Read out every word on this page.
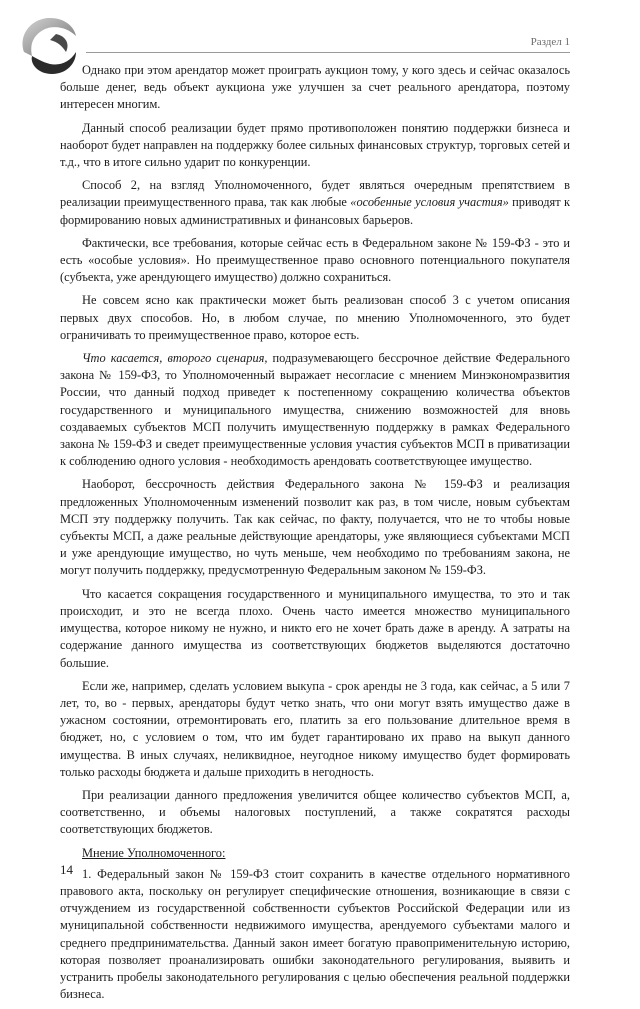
Раздел 1

Однако при этом арендатор может проиграть аукцион тому, у кого здесь и сейчас оказалось больше денег, ведь объект аукциона уже улучшен за счет реального арендатора, поэтому интересен многим.

Данный способ реализации будет прямо противоположен понятию поддержки бизнеса и наоборот будет направлен на поддержку более сильных финансовых структур, торговых сетей и т.д., что в итоге сильно ударит по конкуренции.

Способ 2, на взгляд Уполномоченного, будет являться очередным препятствием в реализации преимущественного права, так как любые «особенные условия участия» приводят к формированию новых административных и финансовых барьеров.

Фактически, все требования, которые сейчас есть в Федеральном законе № 159-ФЗ - это и есть «особые условия». Но преимущественное право основного потенциального покупателя (субъекта, уже арендующего имущество) должно сохраниться.

Не совсем ясно как практически может быть реализован способ 3 с учетом описания первых двух способов. Но, в любом случае, по мнению Уполномоченного, это будет ограничивать то преимущественное право, которое есть.

Что касается, второго сценария, подразумевающего бессрочное действие Федерального закона № 159-ФЗ, то Уполномоченный выражает несогласие с мнением Минэкономразвития России, что данный подход приведет к постепенному сокращению количества объектов государственного и муниципального имущества, снижению возможностей для вновь создаваемых субъектов МСП получить имущественную поддержку в рамках Федерального закона № 159-ФЗ и сведет преимущественные условия участия субъектов МСП в приватизации к соблюдению одного условия - необходимость арендовать соответствующее имущество.

Наоборот, бессрочность действия Федерального закона № 159-ФЗ и реализация предложенных Уполномоченным изменений позволит как раз, в том числе, новым субъектам МСП эту поддержку получить. Так как сейчас, по факту, получается, что не то чтобы новые субъекты МСП, а даже реальные действующие арендаторы, уже являющиеся субъектами МСП и уже арендующие имущество, но чуть меньше, чем необходимо по требованиям закона, не могут получить поддержку, предусмотренную Федеральным законом № 159-ФЗ.

Что касается сокращения государственного и муниципального имущества, то это и так происходит, и это не всегда плохо. Очень часто имеется множество муниципального имущества, которое никому не нужно, и никто его не хочет брать даже в аренду. А затраты на содержание данного имущества из соответствующих бюджетов выделяются достаточно большие.

Если же, например, сделать условием выкупа - срок аренды не 3 года, как сейчас, а 5 или 7 лет, то, во - первых, арендаторы будут четко знать, что они могут взять имущество даже в ужасном состоянии, отремонтировать его, платить за его пользование длительное время в бюджет, но, с условием о том, что им будет гарантировано их право на выкуп данного имущества. В иных случаях, неликвидное, неугодное никому имущество будет формировать только расходы бюджета и дальше приходить в негодность.

При реализации данного предложения увеличится общее количество субъектов МСП, а, соответственно, и объемы налоговых поступлений, а также сократятся расходы соответствующих бюджетов.

Мнение Уполномоченного:

1. Федеральный закон № 159-ФЗ стоит сохранить в качестве отдельного нормативного правового акта, поскольку он регулирует специфические отношения, возникающие в связи с отчуждением из государственной собственности субъектов Российской Федерации или из муниципальной собственности недвижимого имущества, арендуемого субъектами малого и среднего предпринимательства. Данный закон имеет богатую правоприменительную историю, которая позволяет проанализировать ошибки законодательного регулирования, выявить и устранить пробелы законодательного регулирования с целью обеспечения реальной поддержки бизнеса.

14
